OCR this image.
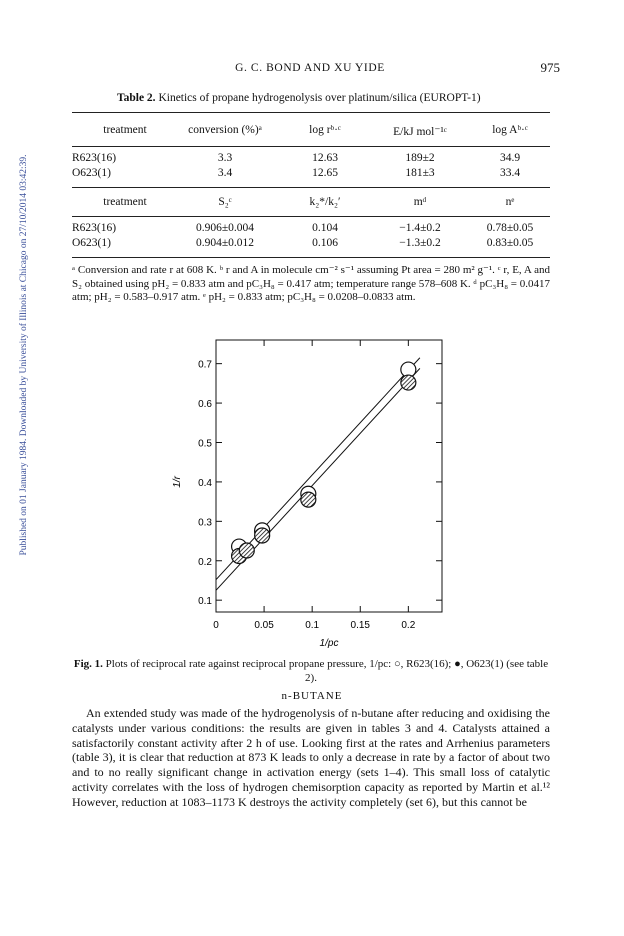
Published on 01 January 1984. Downloaded by University of Illinois at Chicago on 27/10/2014 03:42:39.
G. C. BOND AND XU YIDE	975
Table 2. Kinetics of propane hydrogenolysis over platinum/silica (EUROPT-1)
treatment	conversion (%)ᵃ	log rᵇ·ᶜ	E/kJ mol⁻¹ᶜ	log Aᵇ·ᶜ
R623(16)	3.3	12.63	189±2	34.9
O623(1)	3.4	12.65	181±3	33.4
treatment	S₂ᶜ	k₂*/k₂′	mᵈ	nᵉ
R623(16)	0.906±0.004	0.104	−1.4±0.2	0.78±0.05
O623(1)	0.904±0.012	0.106	−1.3±0.2	0.83±0.05
ᵃ Conversion and rate r at 608 K. ᵇ r and A in molecule cm⁻² s⁻¹ assuming Pt area = 280 m² g⁻¹. ᶜ r, E, A and S₂ obtained using pH₂ = 0.833 atm and pC₃H₈ = 0.417 atm; temperature range 578–608 K. ᵈ pC₃H₈ = 0.0417 atm; pH₂ = 0.583–0.917 atm. ᵉ pH₂ = 0.833 atm; pC₃H₈ = 0.0208–0.0833 atm.
0.1
0.2
0.3
0.4
0.5
0.6
0.7
0	0.05	0.1	0.15	0.2
1/pc
1/r
Fig. 1. Plots of reciprocal rate against reciprocal propane pressure, 1/pc: ○, R623(16); ●, O623(1) (see table 2).
n-BUTANE
An extended study was made of the hydrogenolysis of n-butane after reducing and oxidising the catalysts under various conditions: the results are given in tables 3 and 4. Catalysts attained a satisfactorily constant activity after 2 h of use. Looking first at the rates and Arrhenius parameters (table 3), it is clear that reduction at 873 K leads to only a decrease in rate by a factor of about two and to no really significant change in activation energy (sets 1–4). This small loss of catalytic activity correlates with the loss of hydrogen chemisorption capacity as reported by Martin et al.¹² However, reduction at 1083–1173 K destroys the activity completely (set 6), but this cannot be
